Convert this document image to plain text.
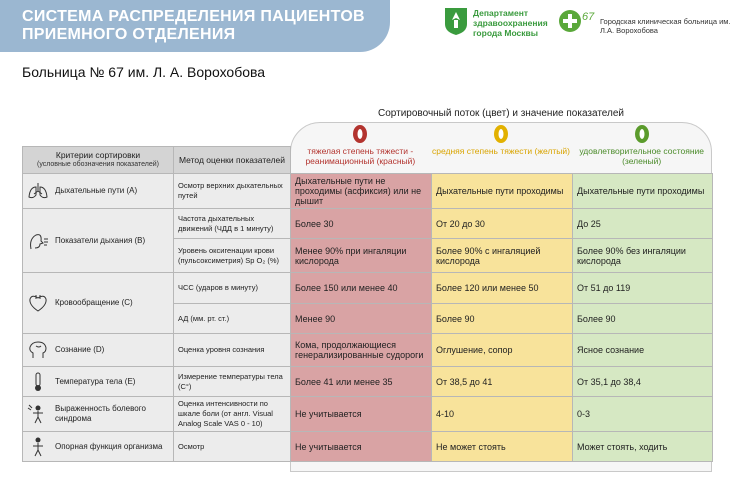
СИСТЕМА РАСПРЕДЕЛЕНИЯ ПАЦИЕНТОВ ПРИЕМНОГО ОТДЕЛЕНИЯ
Департамент здравоохранения города Москвы
67 Городская клиническая больница им. Л.А. Ворохобова
Больница № 67 им. Л. А. Ворохобова
Сортировочный поток (цвет) и значение показателей
тяжелая степень тяжести - реанимационный (красный)
средняя степень тяжести (желтый)	удовлетворительное состояние (зеленый)
Критерии сортировки
(условные обозначения показателей)	Метод оценки показателей			

Дыхательные пути (А)	Осмотр верхних дыхательных путей	Дыхательные пути не проходимы (асфиксия) или не дышит	Дыхательные пути проходимы	Дыхательные пути проходимы

Показатели дыхания (В)	Частота дыхательных движений (ЧДД в 1 минуту)	Более 30	От 20 до 30	До 25
	Уровень оксигенации крови (пульсоксиметрия) Sp O₂ (%)	Менее 90% при ингаляции кислорода	Более 90% с ингаляцией кислорода	Более 90% без ингаляции кислорода

Кровообращение (С)	ЧСС (ударов в минуту)	Более 150 или менее 40	Более 120 или менее 50	От 51 до 119
	АД (мм. рт. ст.)	Менее 90	Более 90	Более 90

Сознание (D)	Оценка уровня сознания	Кома, продолжающиеся генерализированные судороги	Оглушение, сопор	Ясное сознание

Температура тела (Е)	Измерение температуры тела (С°)	Более 41 или менее 35	От 38,5 до 41	От 35,1 до 38,4

Выраженность болевого синдрома	Оценка интенсивности по шкале боли (от англ. Visual Analog Scale VAS 0 - 10)	Не учитывается	4-10	0-3

Опорная функция организма	Осмотр	Не учитывается	Не может стоять	Может стоять, ходить
